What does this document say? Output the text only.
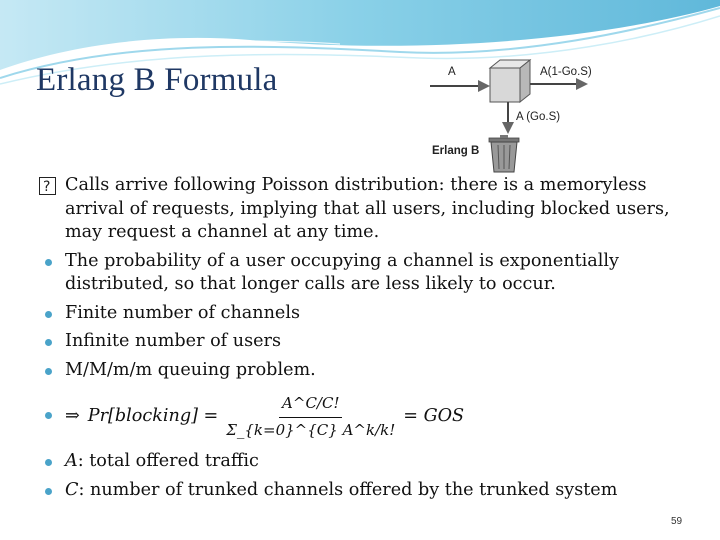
Erlang B Formula	A	A(1-Go.S)
A (Go.S)
Erlang B
? Calls arrive following Poisson distribution: there is a memoryless arrival of requests, implying that all users, including blocked users, may request a channel at any time.
The probability of a user occupying a channel is exponentially distributed, so that longer calls are less likely to occur.
Finite number of channels
Infinite number of users
M/M/m/m queuing problem.
⇒ Pr[blocking] = $\frac{A\^{}C/C!}{\Sigma\_\{k=0\}\^{}\{C\} A\^{}k/k!}$ = GOS
A: total offered traffic
C: number of trunked channels offered by the trunked system
59
